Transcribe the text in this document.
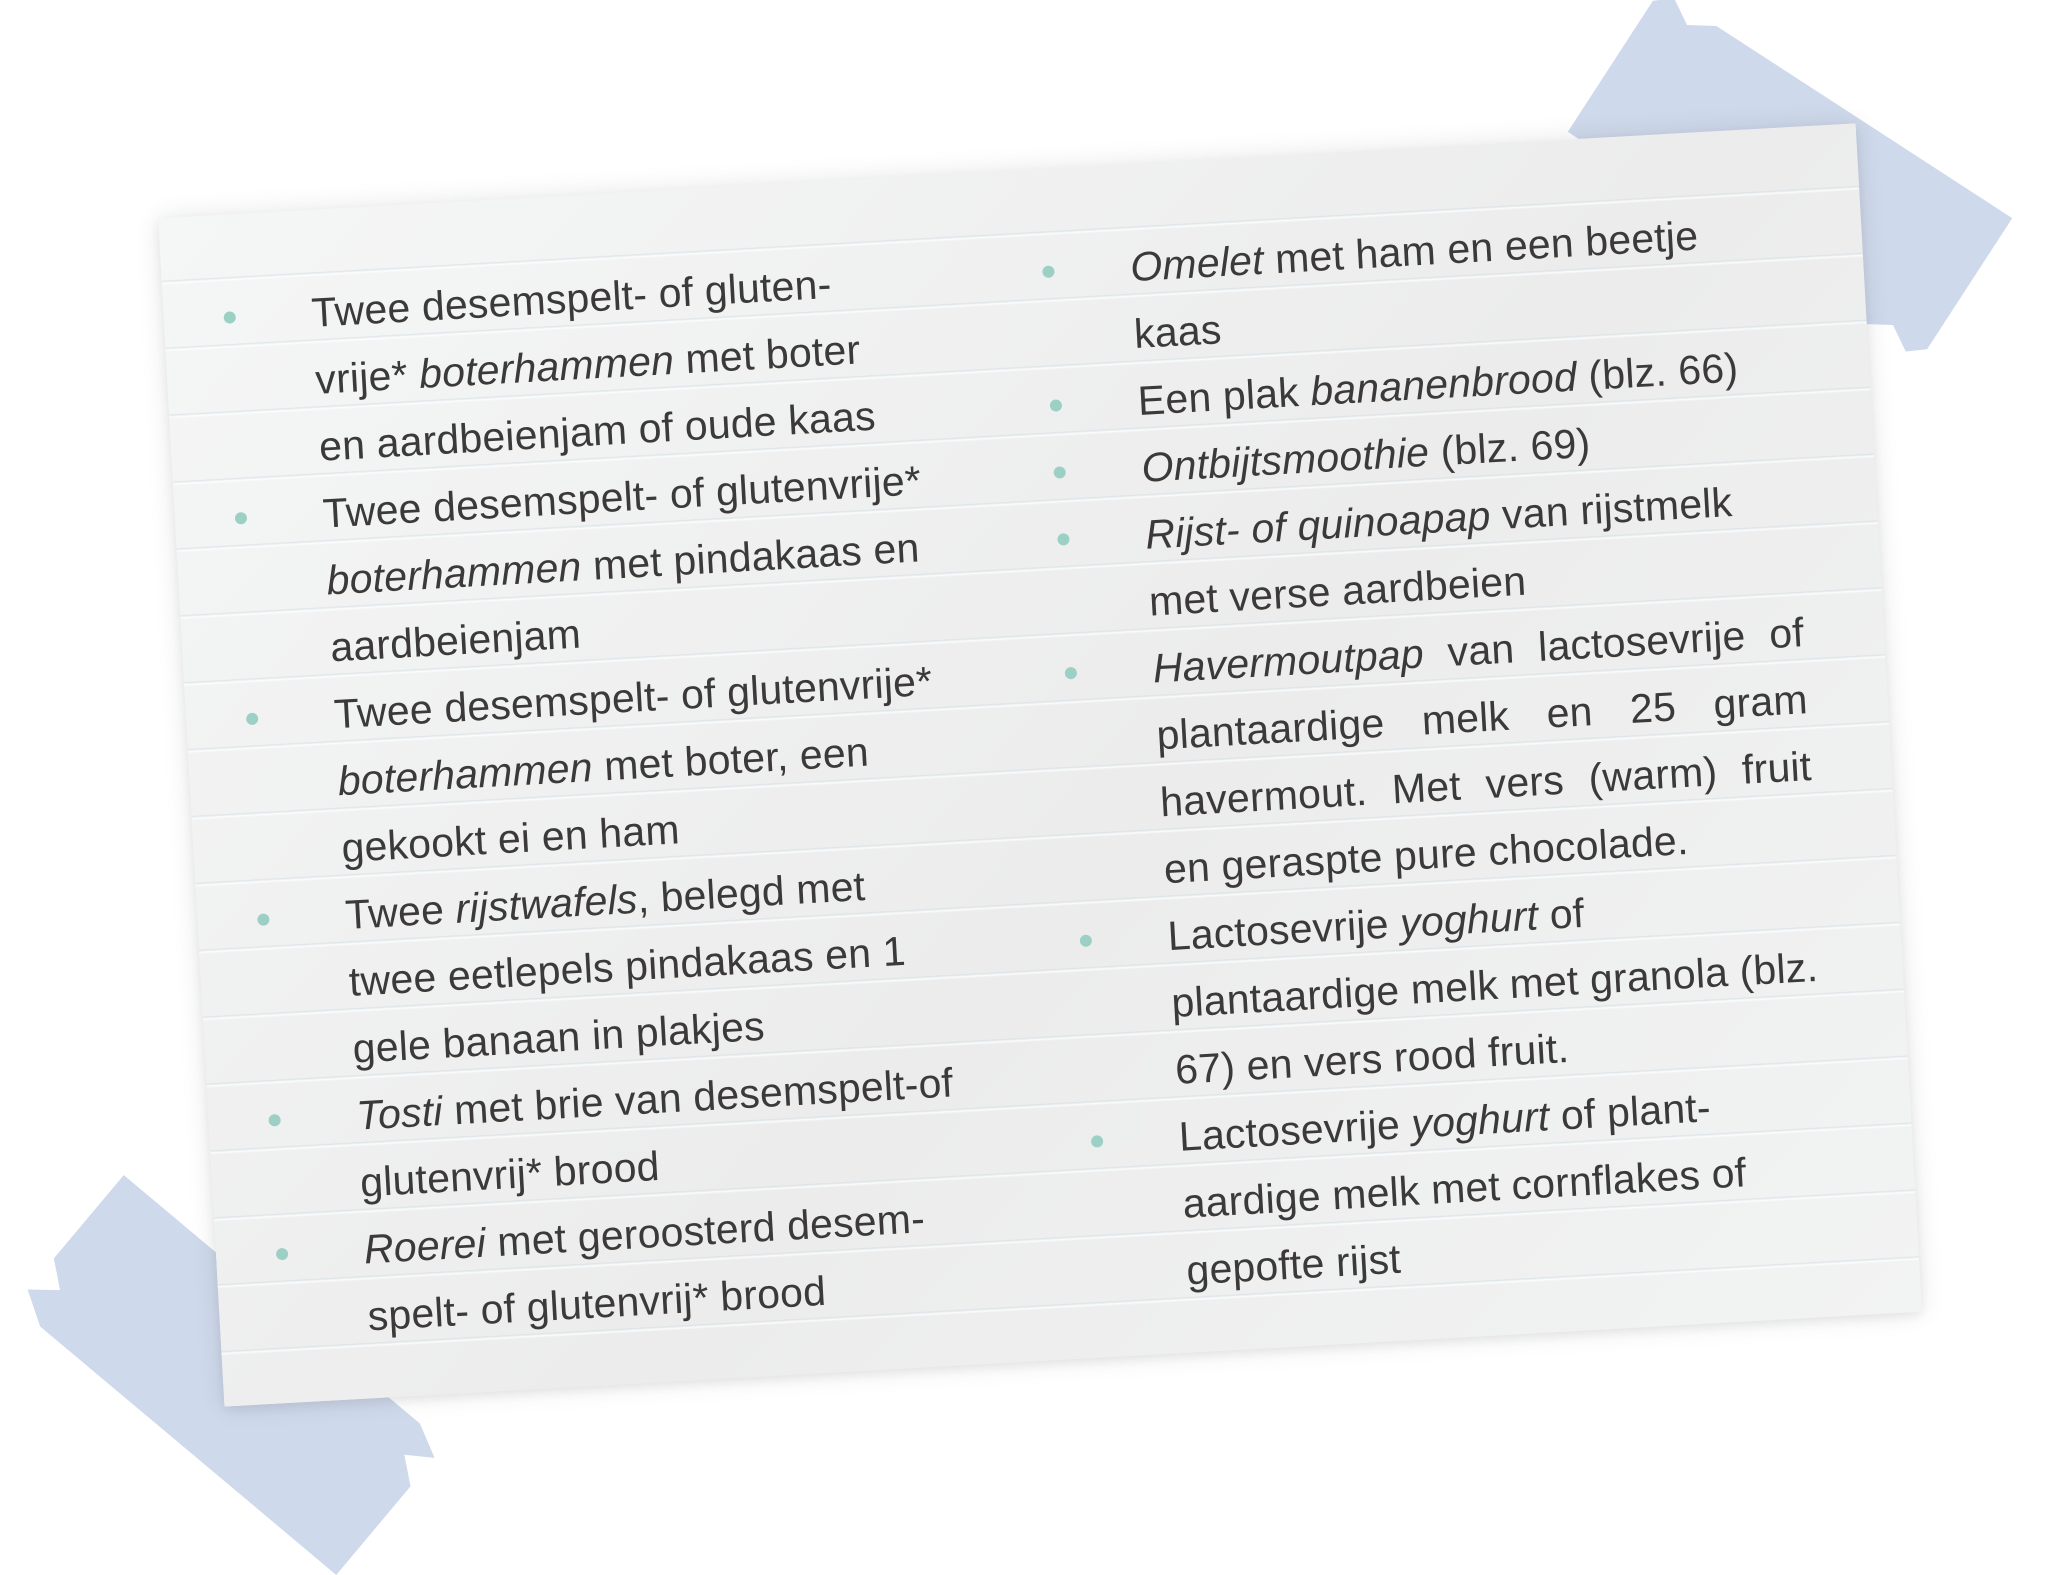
Twee desemspelt- of gluten-vrije* boterhammen met boter en aardbeienjam of oude kaas
Twee desemspelt- of glutenvrije* boterhammen met pindakaas en aardbeienjam
Twee desemspelt- of glutenvrije* boterhammen met boter, een gekookt ei en ham
Twee rijstwafels, belegd met twee eetlepels pindakaas en 1 gele banaan in plakjes
Tosti met brie van desemspelt-of glutenvrij* brood
Roerei met geroosterd desem-spelt- of glutenvrij* brood
Omelet met ham en een beetje kaas
Een plak bananenbrood (blz. 66)
Ontbijtsmoothie (blz. 69)
Rijst- of quinoapap van rijstmelk met verse aardbeien
Havermoutpap van lactosevrije of plantaardige melk en 25 gram havermout. Met vers (warm) fruit en geraspte pure chocolade.
Lactosevrije yoghurt of plantaardige melk met granola (blz. 67) en vers rood fruit.
Lactosevrije yoghurt of plant-aardige melk met cornflakes of gepofte rijst
